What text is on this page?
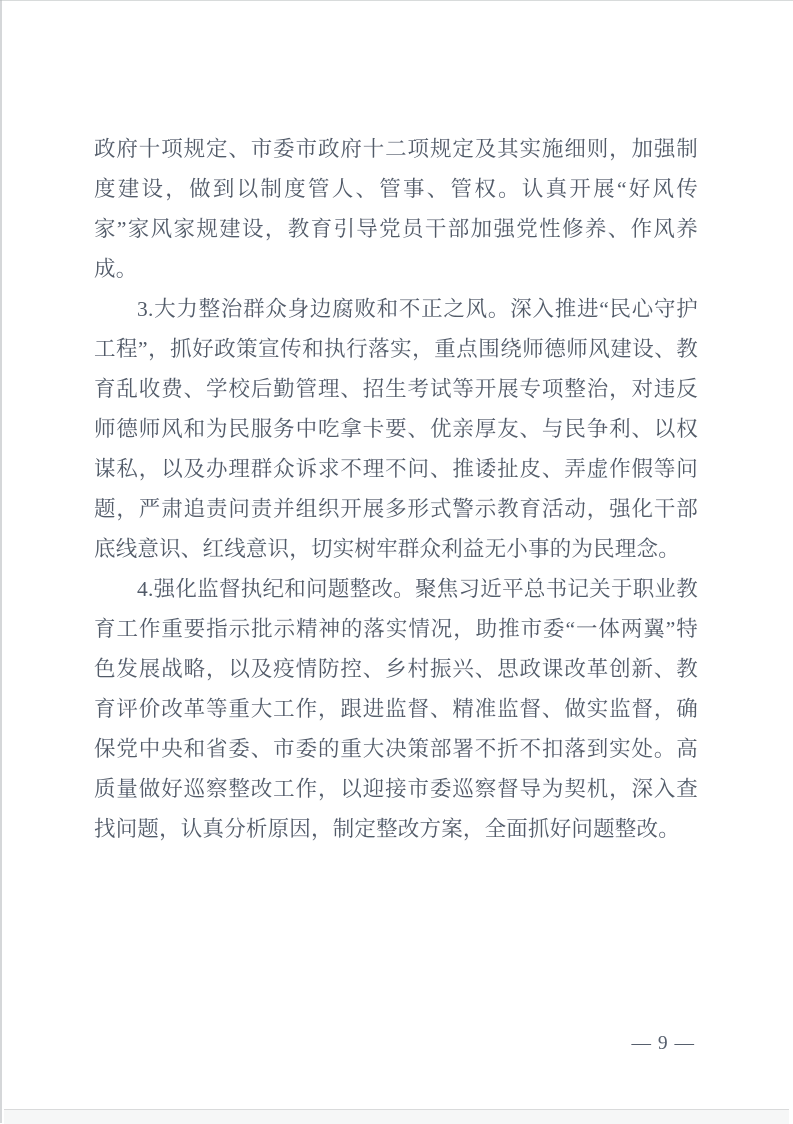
政府十项规定、市委市政府十二项规定及其实施细则，加强制度建设，做到以制度管人、管事、管权。认真开展“好风传家”家风家规建设，教育引导党员干部加强党性修养、作风养成。

3.大力整治群众身边腐败和不正之风。深入推进“民心守护工程”，抓好政策宣传和执行落实，重点围绕师德师风建设、教育乱收费、学校后勤管理、招生考试等开展专项整治，对违反师德师风和为民服务中吃拿卡要、优亲厚友、与民争利、以权谋私，以及办理群众诉求不理不问、推诿扯皮、弄虚作假等问题，严肃追责问责并组织开展多形式警示教育活动，强化干部底线意识、红线意识，切实树牢群众利益无小事的为民理念。

4.强化监督执纪和问题整改。聚焦习近平总书记关于职业教育工作重要指示批示精神的落实情况，助推市委“一体两翼”特色发展战略，以及疫情防控、乡村振兴、思政课改革创新、教育评价改革等重大工作，跟进监督、精准监督、做实监督，确保党中央和省委、市委的重大决策部署不折不扣落到实处。高质量做好巡察整改工作，以迎接市委巡察督导为契机，深入查找问题，认真分析原因，制定整改方案，全面抓好问题整改。

— 9 —
